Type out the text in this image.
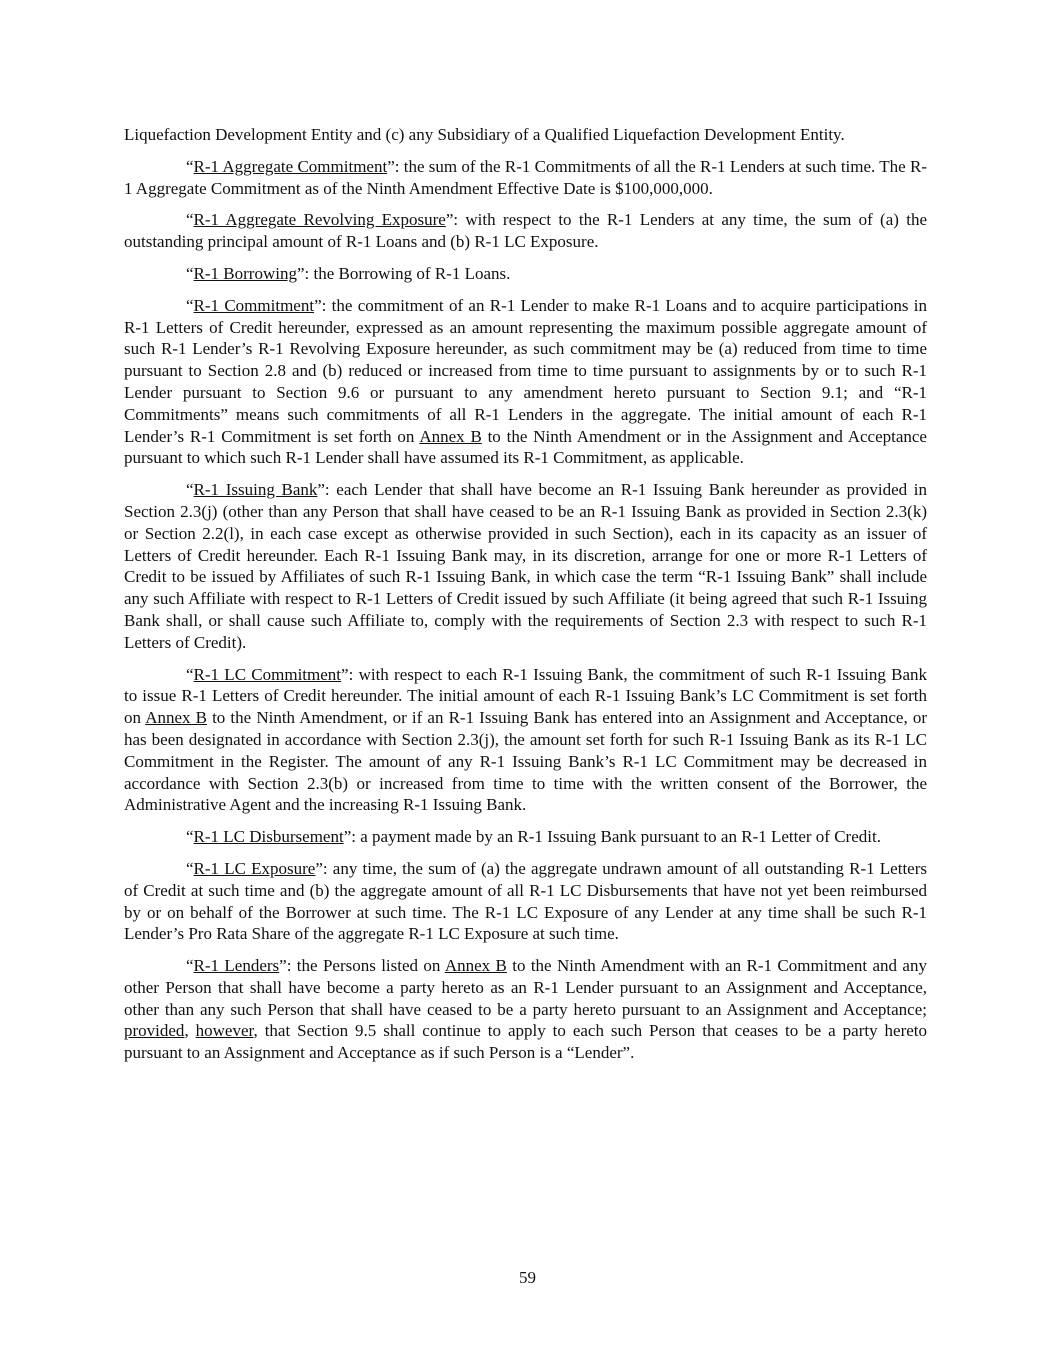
Liquefaction Development Entity and (c) any Subsidiary of a Qualified Liquefaction Development Entity.

“R-1 Aggregate Commitment”: the sum of the R-1 Commitments of all the R-1 Lenders at such time. The R-1 Aggregate Commitment as of the Ninth Amendment Effective Date is $100,000,000.

“R-1 Aggregate Revolving Exposure”: with respect to the R-1 Lenders at any time, the sum of (a) the outstanding principal amount of R-1 Loans and (b) R-1 LC Exposure.

“R-1 Borrowing”: the Borrowing of R-1 Loans.

“R-1 Commitment”: the commitment of an R-1 Lender to make R-1 Loans and to acquire participations in R-1 Letters of Credit hereunder, expressed as an amount representing the maximum possible aggregate amount of such R-1 Lender’s R-1 Revolving Exposure hereunder, as such commitment may be (a) reduced from time to time pursuant to Section 2.8 and (b) reduced or increased from time to time pursuant to assignments by or to such R-1 Lender pursuant to Section 9.6 or pursuant to any amendment hereto pursuant to Section 9.1; and “R-1 Commitments” means such commitments of all R-1 Lenders in the aggregate. The initial amount of each R-1 Lender’s R-1 Commitment is set forth on Annex B to the Ninth Amendment or in the Assignment and Acceptance pursuant to which such R-1 Lender shall have assumed its R-1 Commitment, as applicable.

“R-1 Issuing Bank”: each Lender that shall have become an R-1 Issuing Bank hereunder as provided in Section 2.3(j) (other than any Person that shall have ceased to be an R-1 Issuing Bank as provided in Section 2.3(k) or Section 2.2(l), in each case except as otherwise provided in such Section), each in its capacity as an issuer of Letters of Credit hereunder. Each R-1 Issuing Bank may, in its discretion, arrange for one or more R-1 Letters of Credit to be issued by Affiliates of such R-1 Issuing Bank, in which case the term “R-1 Issuing Bank” shall include any such Affiliate with respect to R-1 Letters of Credit issued by such Affiliate (it being agreed that such R-1 Issuing Bank shall, or shall cause such Affiliate to, comply with the requirements of Section 2.3 with respect to such R-1 Letters of Credit).

“R-1 LC Commitment”: with respect to each R-1 Issuing Bank, the commitment of such R-1 Issuing Bank to issue R-1 Letters of Credit hereunder. The initial amount of each R-1 Issuing Bank’s LC Commitment is set forth on Annex B to the Ninth Amendment, or if an R-1 Issuing Bank has entered into an Assignment and Acceptance, or has been designated in accordance with Section 2.3(j), the amount set forth for such R-1 Issuing Bank as its R-1 LC Commitment in the Register. The amount of any R-1 Issuing Bank’s R-1 LC Commitment may be decreased in accordance with Section 2.3(b) or increased from time to time with the written consent of the Borrower, the Administrative Agent and the increasing R-1 Issuing Bank.

“R-1 LC Disbursement”: a payment made by an R-1 Issuing Bank pursuant to an R-1 Letter of Credit.

“R-1 LC Exposure”: any time, the sum of (a) the aggregate undrawn amount of all outstanding R-1 Letters of Credit at such time and (b) the aggregate amount of all R-1 LC Disbursements that have not yet been reimbursed by or on behalf of the Borrower at such time. The R-1 LC Exposure of any Lender at any time shall be such R-1 Lender’s Pro Rata Share of the aggregate R-1 LC Exposure at such time.

“R-1 Lenders”: the Persons listed on Annex B to the Ninth Amendment with an R-1 Commitment and any other Person that shall have become a party hereto as an R-1 Lender pursuant to an Assignment and Acceptance, other than any such Person that shall have ceased to be a party hereto pursuant to an Assignment and Acceptance; provided, however, that Section 9.5 shall continue to apply to each such Person that ceases to be a party hereto pursuant to an Assignment and Acceptance as if such Person is a “Lender”.

59
